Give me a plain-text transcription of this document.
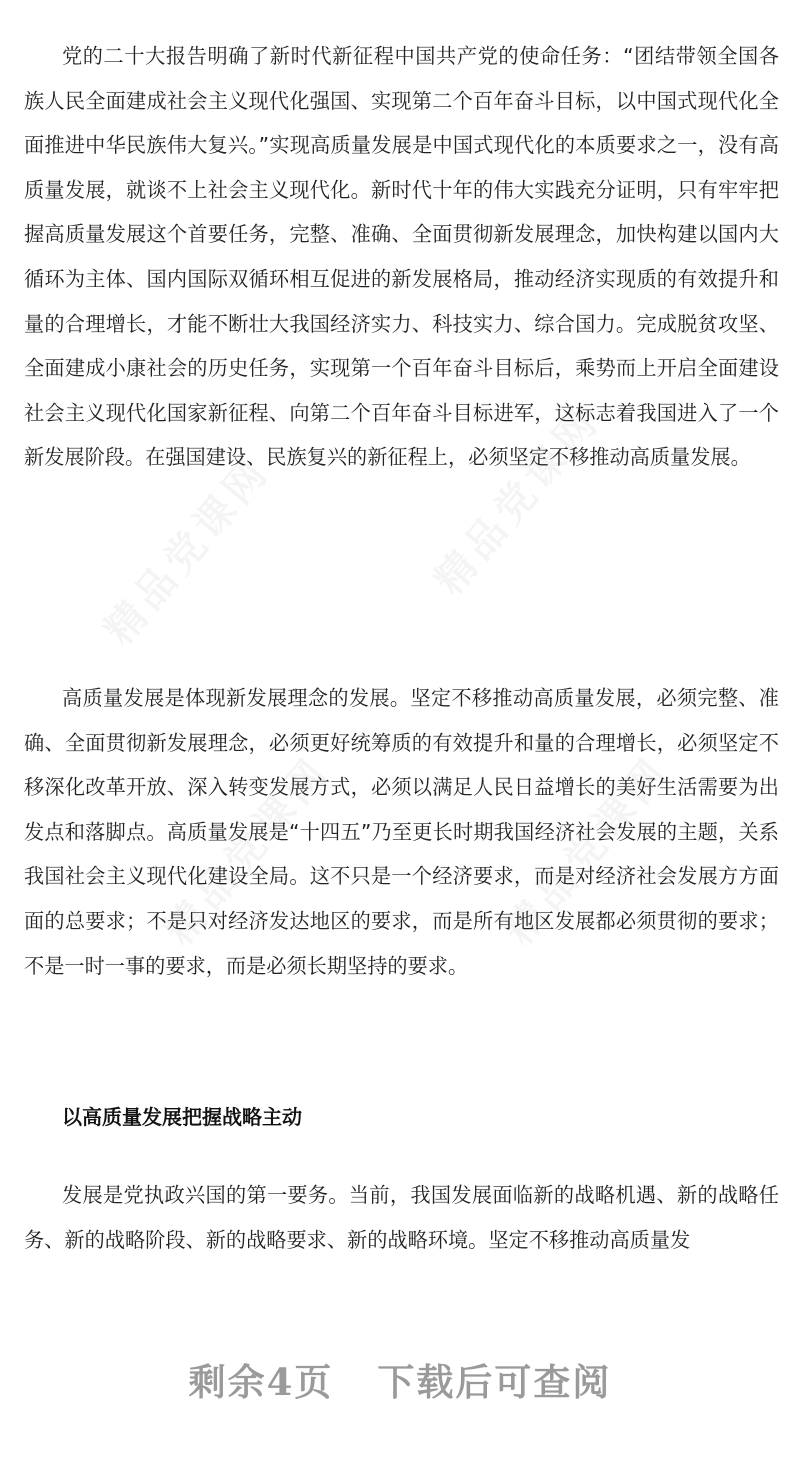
党的二十大报告明确了新时代新征程中国共产党的使命任务：“团结带领全国各族人民全面建成社会主义现代化强国、实现第二个百年奋斗目标，以中国式现代化全面推进中华民族伟大复兴。”实现高质量发展是中国式现代化的本质要求之一，没有高质量发展，就谈不上社会主义现代化。新时代十年的伟大实践充分证明，只有牢牢把握高质量发展这个首要任务，完整、准确、全面贯彻新发展理念，加快构建以国内大循环为主体、国内国际双循环相互促进的新发展格局，推动经济实现质的有效提升和量的合理增长，才能不断壮大我国经济实力、科技实力、综合国力。完成脱贫攻坚、全面建成小康社会的历史任务，实现第一个百年奋斗目标后，乘势而上开启全面建设社会主义现代化国家新征程、向第二个百年奋斗目标进军，这标志着我国进入了一个新发展阶段。在强国建设、民族复兴的新征程上，必须坚定不移推动高质量发展。

高质量发展是体现新发展理念的发展。坚定不移推动高质量发展，必须完整、准确、全面贯彻新发展理念，必须更好统筹质的有效提升和量的合理增长，必须坚定不移深化改革开放、深入转变发展方式，必须以满足人民日益增长的美好生活需要为出发点和落脚点。高质量发展是“十四五”乃至更长时期我国经济社会发展的主题，关系我国社会主义现代化建设全局。这不只是一个经济要求，而是对经济社会发展方方面面的总要求；不是只对经济发达地区的要求，而是所有地区发展都必须贯彻的要求；不是一时一事的要求，而是必须长期坚持的要求。

以高质量发展把握战略主动

发展是党执政兴国的第一要务。当前，我国发展面临新的战略机遇、新的战略任务、新的战略阶段、新的战略要求、新的战略环境。坚定不移推动高质量发

剩余4页 下载后可查阅
